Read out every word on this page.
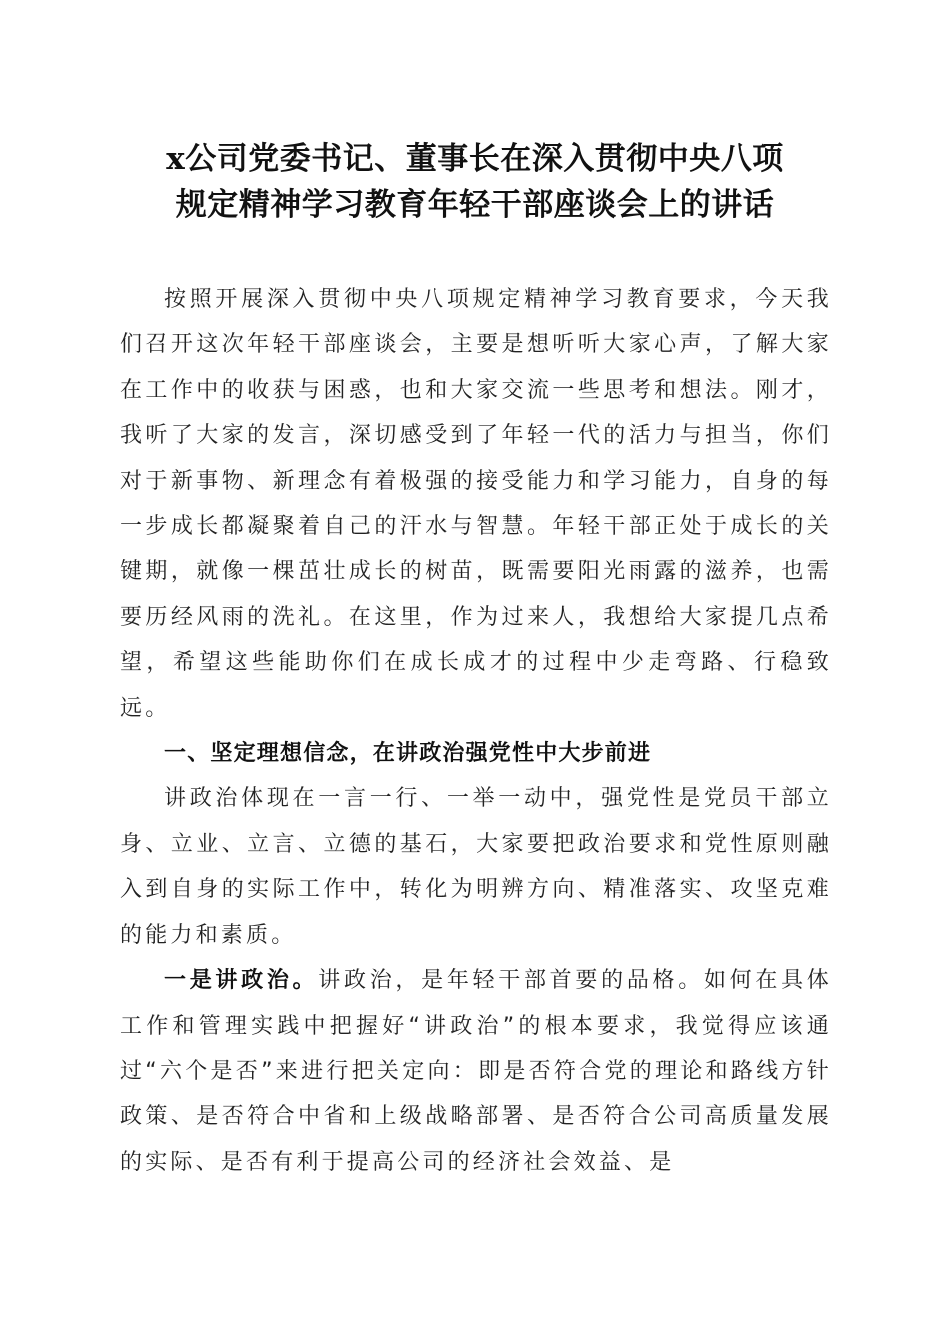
x公司党委书记、董事长在深入贯彻中央八项
规定精神学习教育年轻干部座谈会上的讲话

按照开展深入贯彻中央八项规定精神学习教育要求，今天我们召开这次年轻干部座谈会，主要是想听听大家心声，了解大家在工作中的收获与困惑，也和大家交流一些思考和想法。刚才，我听了大家的发言，深切感受到了年轻一代的活力与担当，你们对于新事物、新理念有着极强的接受能力和学习能力，自身的每一步成长都凝聚着自己的汗水与智慧。年轻干部正处于成长的关键期，就像一棵茁壮成长的树苗，既需要阳光雨露的滋养，也需要历经风雨的洗礼。在这里，作为过来人，我想给大家提几点希望，希望这些能助你们在成长成才的过程中少走弯路、行稳致远。

一、坚定理想信念，在讲政治强党性中大步前进

讲政治体现在一言一行、一举一动中，强党性是党员干部立身、立业、立言、立德的基石，大家要把政治要求和党性原则融入到自身的实际工作中，转化为明辨方向、精准落实、攻坚克难的能力和素质。

一是讲政治。讲政治，是年轻干部首要的品格。如何在具体工作和管理实践中把握好“讲政治”的根本要求，我觉得应该通过“六个是否”来进行把关定向：即是否符合党的理论和路线方针政策、是否符合中省和上级战略部署、是否符合公司高质量发展的实际、是否有利于提高公司的经济社会效益、是
